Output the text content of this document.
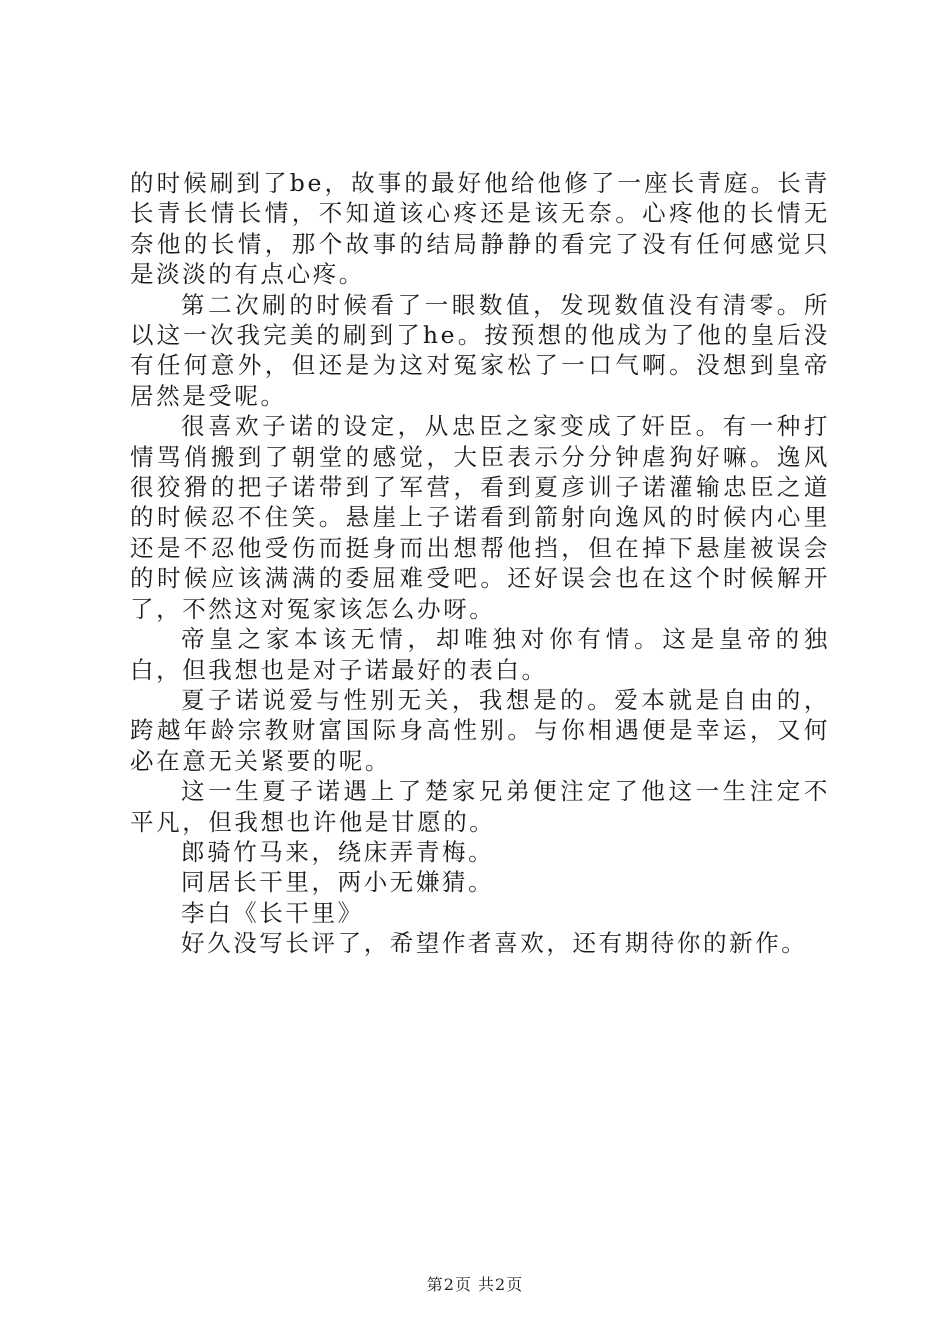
的时候刷到了be，故事的最好他给他修了一座长青庭。长青长青长情长情，不知道该心疼还是该无奈。心疼他的长情无奈他的长情，那个故事的结局静静的看完了没有任何感觉只是淡淡的有点心疼。

第二次刷的时候看了一眼数值，发现数值没有清零。所以这一次我完美的刷到了he。按预想的他成为了他的皇后没有任何意外，但还是为这对冤家松了一口气啊。没想到皇帝居然是受呢。

很喜欢子诺的设定，从忠臣之家变成了奸臣。有一种打情骂俏搬到了朝堂的感觉，大臣表示分分钟虐狗好嘛。逸风很狡猾的把子诺带到了军营，看到夏彦训子诺灌输忠臣之道的时候忍不住笑。悬崖上子诺看到箭射向逸风的时候内心里还是不忍他受伤而挺身而出想帮他挡，但在掉下悬崖被误会的时候应该满满的委屈难受吧。还好误会也在这个时候解开了，不然这对冤家该怎么办呀。

帝皇之家本该无情，却唯独对你有情。这是皇帝的独白，但我想也是对子诺最好的表白。

夏子诺说爱与性别无关，我想是的。爱本就是自由的，跨越年龄宗教财富国际身高性别。与你相遇便是幸运，又何必在意无关紧要的呢。

这一生夏子诺遇上了楚家兄弟便注定了他这一生注定不平凡，但我想也许他是甘愿的。

郎骑竹马来，绕床弄青梅。

同居长干里，两小无嫌猜。

李白《长干里》

好久没写长评了，希望作者喜欢，还有期待你的新作。

第2页 共2页
